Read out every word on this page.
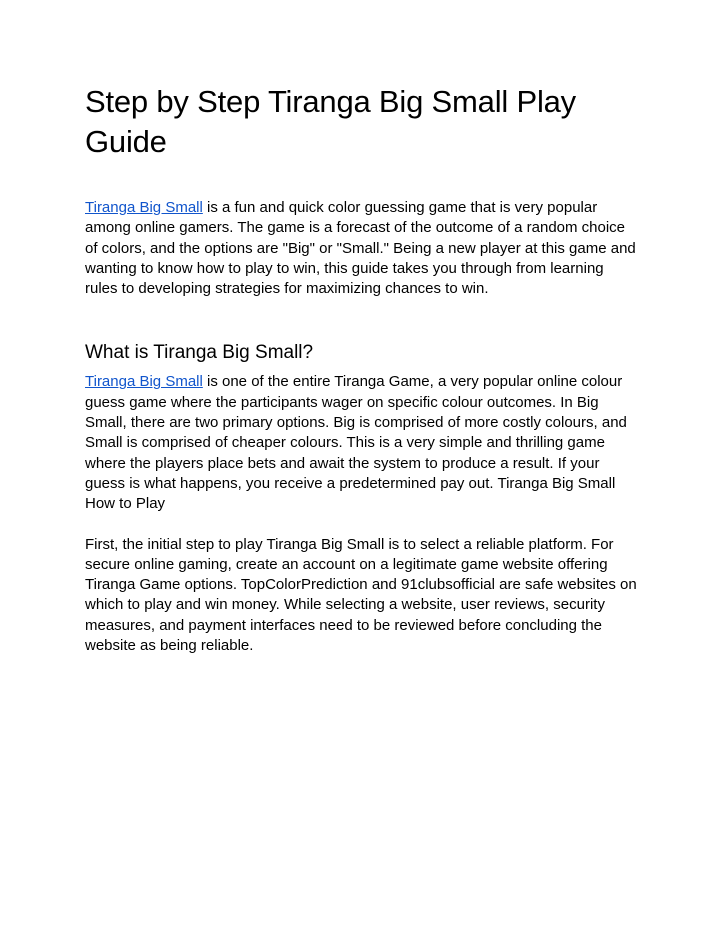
Step by Step Tiranga Big Small Play Guide

Tiranga Big Small is a fun and quick color guessing game that is very popular among online gamers. The game is a forecast of the outcome of a random choice of colors, and the options are "Big" or "Small." Being a new player at this game and wanting to know how to play to win, this guide takes you through from learning rules to developing strategies for maximizing chances to win.

What is Tiranga Big Small?

Tiranga Big Small is one of the entire Tiranga Game, a very popular online colour guess game where the participants wager on specific colour outcomes. In Big Small, there are two primary options. Big is comprised of more costly colours, and Small is comprised of cheaper colours. This is a very simple and thrilling game where the players place bets and await the system to produce a result. If your guess is what happens, you receive a predetermined pay out. Tiranga Big Small How to Play

First, the initial step to play Tiranga Big Small is to select a reliable platform. For secure online gaming, create an account on a legitimate game website offering Tiranga Game options. TopColorPrediction and 91clubsofficial are safe websites on which to play and win money. While selecting a website, user reviews, security measures, and payment interfaces need to be reviewed before concluding the website as being reliable.
